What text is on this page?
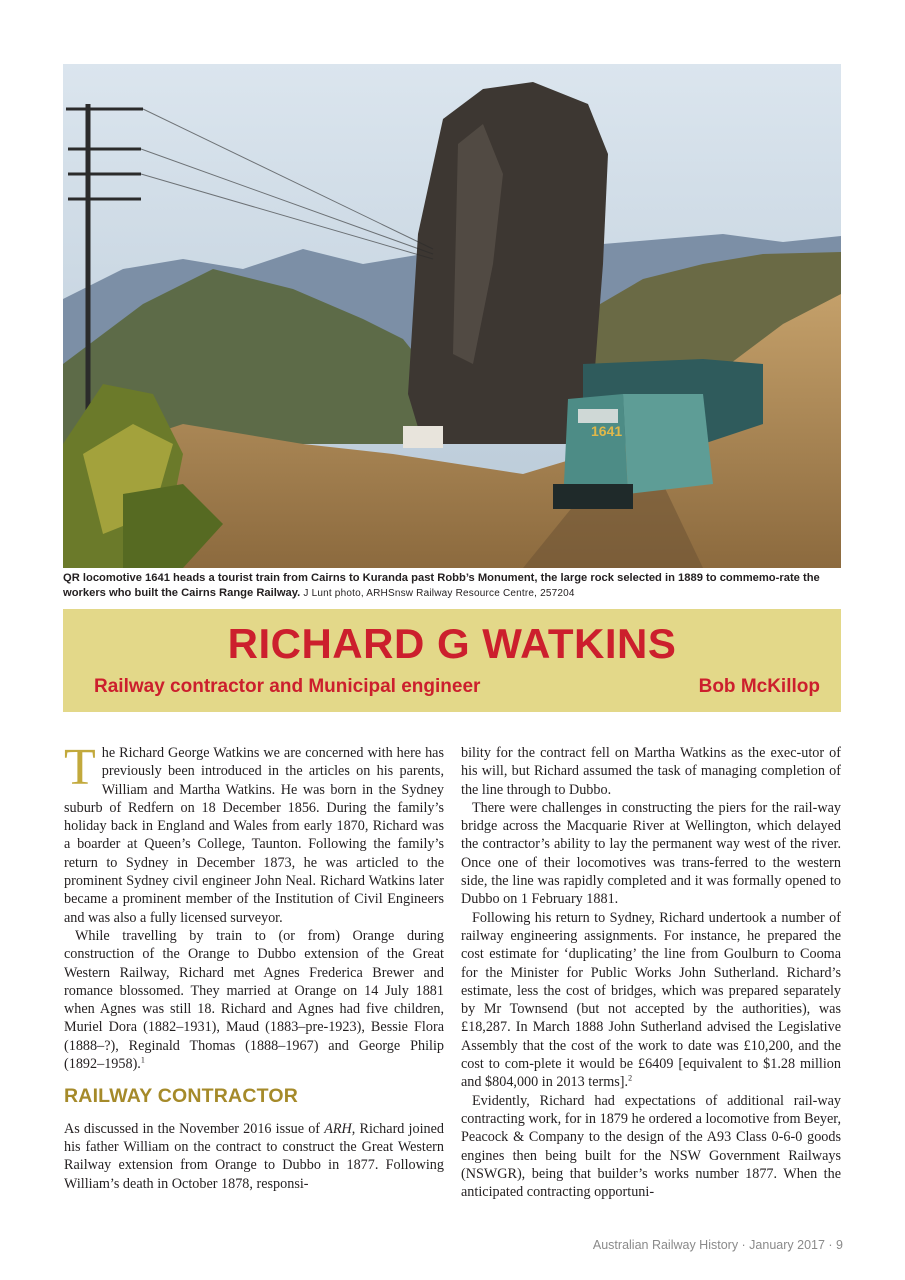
1641
QR locomotive 1641 heads a tourist train from Cairns to Kuranda past Robb’s Monument, the large rock selected in 1889 to commemo-rate the workers who built the Cairns Range Railway. J Lunt photo, ARHSnsw Railway Resource Centre, 257204
RICHARD G WATKINS
Railway contractor and Municipal engineer	Bob McKillop

The Richard George Watkins we are concerned with here has previously been introduced in the articles on his parents, William and Martha Watkins. He was born in the Sydney suburb of Redfern on 18 December 1856. During the family’s holiday back in England and Wales from early 1870, Richard was a boarder at Queen’s College, Taunton. Following the family’s return to Sydney in December 1873, he was articled to the prominent Sydney civil engineer John Neal. Richard Watkins later became a prominent member of the Institution of Civil Engineers and was also a fully licensed surveyor.

While travelling by train to (or from) Orange during construction of the Orange to Dubbo extension of the Great Western Railway, Richard met Agnes Frederica Brewer and romance blossomed. They married at Orange on 14 July 1881 when Agnes was still 18. Richard and Agnes had five children, Muriel Dora (1882–1931), Maud (1883–pre-1923), Bessie Flora (1888–?), Reginald Thomas (1888–1967) and George Philip (1892–1958).$^1$

RAILWAY CONTRACTOR

As discussed in the November 2016 issue of ARH, Richard joined his father William on the contract to construct the Great Western Railway extension from Orange to Dubbo in 1877. Following William’s death in October 1878, responsi-

bility for the contract fell on Martha Watkins as the exec-utor of his will, but Richard assumed the task of managing completion of the line through to Dubbo.

There were challenges in constructing the piers for the rail-way bridge across the Macquarie River at Wellington, which delayed the contractor’s ability to lay the permanent way west of the river. Once one of their locomotives was trans-ferred to the western side, the line was rapidly completed and it was formally opened to Dubbo on 1 February 1881.

Following his return to Sydney, Richard undertook a number of railway engineering assignments. For instance, he prepared the cost estimate for ‘duplicating’ the line from Goulburn to Cooma for the Minister for Public Works John Sutherland. Richard’s estimate, less the cost of bridges, which was prepared separately by Mr Townsend (but not accepted by the authorities), was £18,287. In March 1888 John Sutherland advised the Legislative Assembly that the cost of the work to date was £10,200, and the cost to com-plete it would be £6409 [equivalent to $1.28 million and $804,000 in 2013 terms].$^2$

Evidently, Richard had expectations of additional rail-way contracting work, for in 1879 he ordered a locomotive from Beyer, Peacock & Company to the design of the A93 Class 0-6-0 goods engines then being built for the NSW Government Railways (NSWGR), being that builder’s works number 1877. When the anticipated contracting opportuni-

Australian Railway History · January 2017 · 9
